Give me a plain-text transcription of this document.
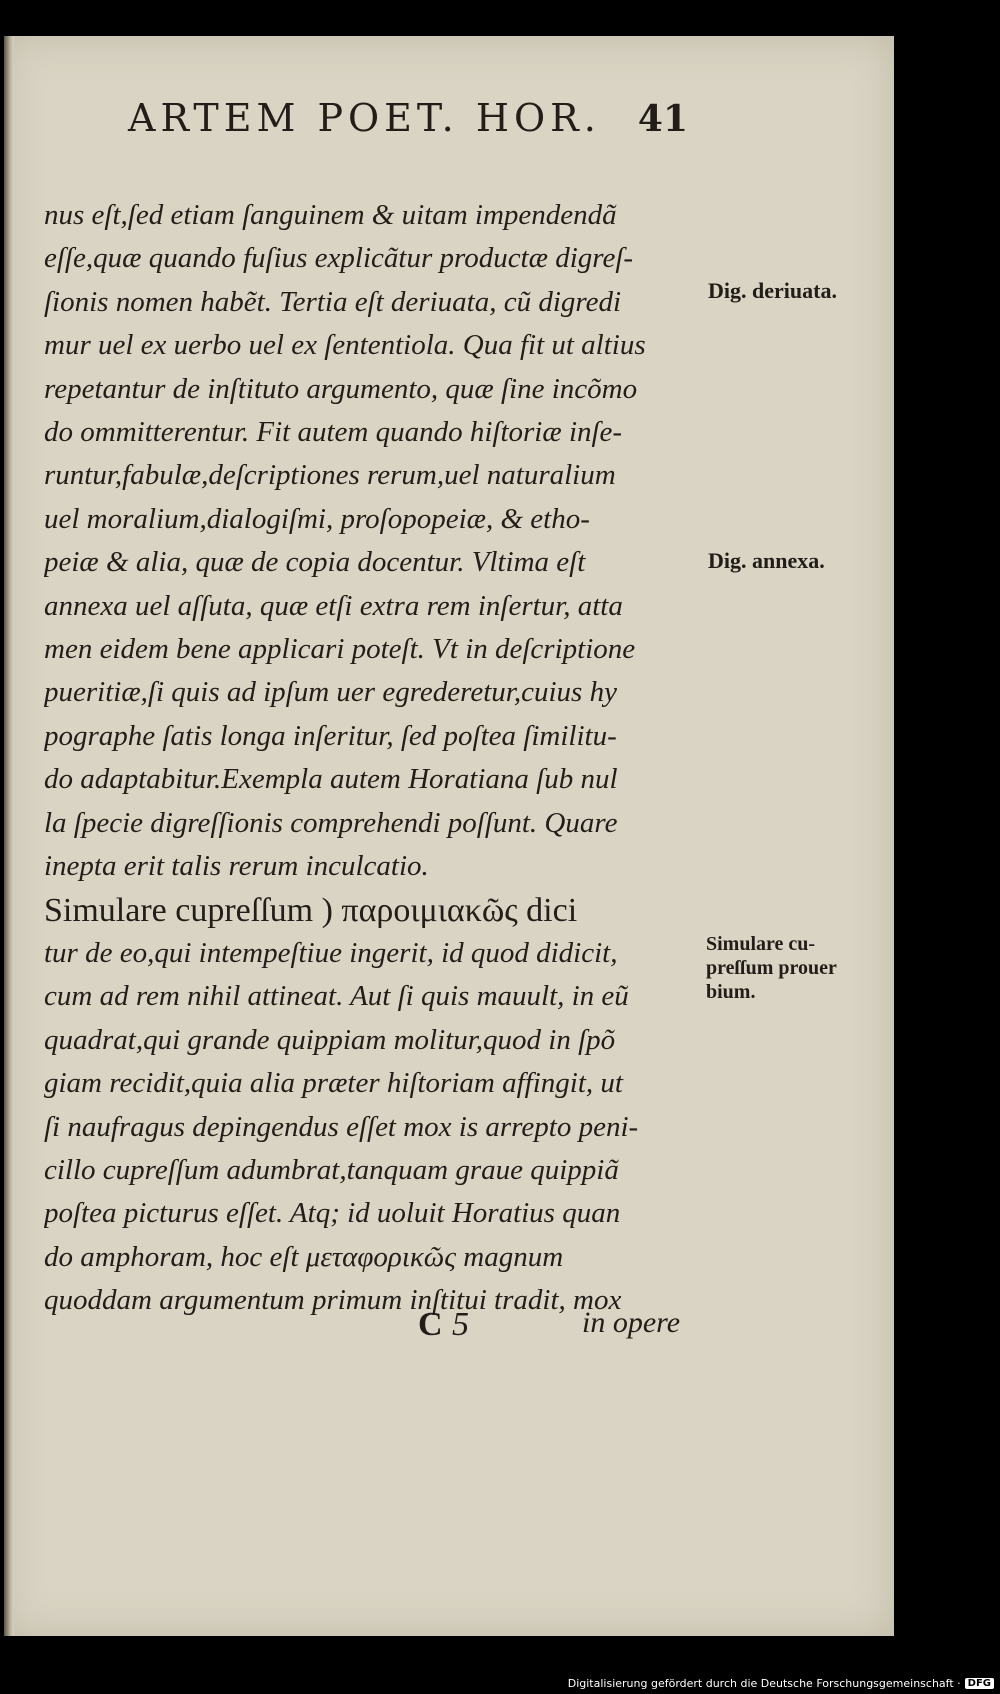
ARTEM POET. HOR. 41
nus eſt,ſed etiam ſanguinem & uitam impendendã
eſſe,quæ quando fuſius explicãtur productæ digreſ-
ſionis nomen habẽt. Tertia eſt deriuata, cũ digredi
mur uel ex uerbo uel ex ſententiola. Qua fit ut altius
repetantur de inſtituto argumento, quæ ſine incõmo
do ommitterentur. Fit autem quando hiſtoriæ inſe-
runtur,fabulæ,deſcriptiones rerum,uel naturalium
uel moralium,dialogiſmi, proſopopeiæ, & etho-
peiæ & alia, quæ de copia docentur. Vltima eſt
annexa uel aſſuta, quæ etſi extra rem inſertur, atta
men eidem bene applicari poteſt. Vt in deſcriptione
pueritiæ,ſi quis ad ipſum uer egrederetur,cuius hy
pographe ſatis longa inſeritur, ſed poſtea ſimilitu-
do adaptabitur.Exempla autem Horatiana ſub nul
la ſpecie digreſſionis comprehendi poſſunt. Quare
inepta erit talis rerum inculcatio.
Simulare cupreſſum ) παροιμιακῶς dici
tur de eo,qui intempeſtiue ingerit, id quod didicit,
cum ad rem nihil attineat. Aut ſi quis mauult, in eũ
quadrat,qui grande quippiam molitur,quod in ſpõ
giam recidit,quia alia præter hiſtoriam affingit, ut
ſi naufragus depingendus eſſet mox is arrepto peni-
cillo cupreſſum adumbrat,tanquam graue quippiã
poſtea picturus eſſet. Atq; id uoluit Horatius quan
do amphoram, hoc eſt μεταφορικῶς magnum
quoddam argumentum primum inſtitui tradit, mox
Dig. deriuata.
Dig. annexa.
Simulare cu-
preſſum prouer
bium.
C 5	in opere
Digitalisierung gefördert durch die Deutsche Forschungsgemeinschaft · DFG
